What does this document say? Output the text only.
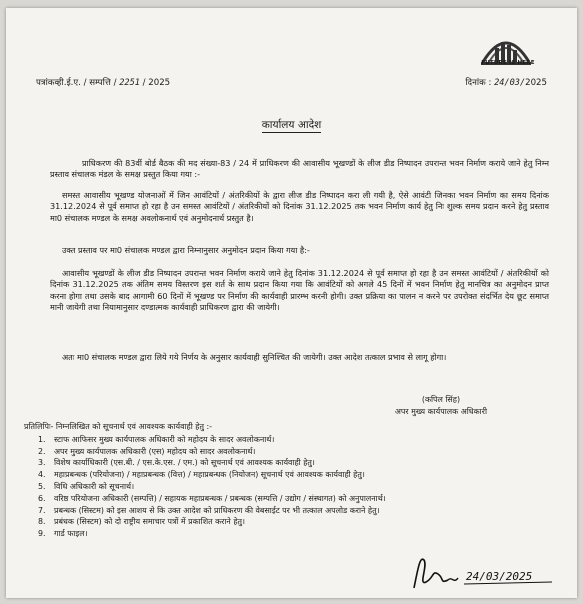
FUTURE IS HERE
पत्रांकव्ही.ई.ए. / सम्पत्ति / 2251 / 2025	दिनांक : 24/03/2025
कार्यालय आदेश
प्राधिकरण की 83वीं बोर्ड बैठक की मद संख्या-83 / 24 में प्राधिकरण की आवासीय भूखण्डों के लीज डीड निष्पादन उपरान्त भवन निर्माण कराये जाने हेतु निम्न प्रस्ताव संचालक मंडल के समक्ष प्रस्तुत किया गया :-
समस्त आवासीय भूखण्ड योजनाओं में जिन आवंटियों / अंतरिकीयों के द्वारा लीज डीड निष्पादन करा ली गयी है, ऐसे आवंटी जिनका भवन निर्माण का समय दिनांक 31.12.2024 से पूर्व समाप्त हो रहा है उन समस्त आवंटियों / अंतरिकीयों को दिनांक 31.12.2025 तक भवन निर्माण कार्य हेतु निः शुल्क समय प्रदान करने हेतु प्रस्ताव मा0 संचालक मण्डल के समक्ष अवलोकनार्थ एवं अनुमोदनार्थ प्रस्तुत है।
उक्त प्रस्ताव पर मा0 संचालक मण्डल द्वारा निम्नानुसार अनुमोदन प्रदान किया गया है:-
आवासीय भूखण्डों के लीज डीड निष्पादन उपरान्त भवन निर्माण कराये जाने हेतु दिनांक 31.12.2024 से पूर्व समाप्त हो रहा है उन समस्त आवंटियों / अंतरिकीयों को दिनांक 31.12.2025 तक अंतिम समय विस्तरण इस शर्त के साथ प्रदान किया गया कि आवंटियों को अगले 45 दिनों में भवन निर्माण हेतु मानचित्र का अनुमोदन प्राप्त करना होगा तथा उसके बाद आगामी 60 दिनों में भूखण्ड पर निर्माण की कार्यवाही प्रारम्भ करनी होगी। उक्त प्रक्रिया का पालन न करने पर उपरोक्त संदर्भित देय छूट समाप्त मानी जायेगी तथा नियामानुसार दण्डात्मक कार्यवाही प्राधिकरण द्वारा की जायेगी।
अतः मा0 संचालक मण्डल द्वारा लिये गये निर्णय के अनुसार कार्यवाही सुनिश्चित की जायेगी। उक्त आदेश तत्काल प्रभाव से लागू होगा।
(कपिल सिंह)
अपर मुख्य कार्यपालक अधिकारी
प्रतिलिपिः- निम्नलिखित को सूचनार्थ एवं आवश्यक कार्यवाही हेतु :-
1. स्टाफ आफिसर मुख्य कार्यपालक अधिकारी को महोदय के सादर अवलोकनार्थ।
2. अपर मुख्य कार्यपालक अधिकारी (एस) महोदय को सादर अवलोकनार्थ।
3. विशेष कार्याधिकारी (एस.बी. / एस.के.एस. / एम.) को सूचनार्थ एवं आवश्यक कार्यवाही हेतु।
4. महाप्रबन्धक (परियोजना) / महाप्रबन्धक (वित्त) / महाप्रबन्धक (नियोजन) सूचनार्थ एवं आवश्यक कार्यवाही हेतु।
5. विधि अधिकारी को सूचनार्थ।
6. वरिष्ठ परियोजना अधिकारी (सम्पत्ति) / सहायक महाप्रबन्धक / प्रबन्धक (सम्पत्ति / उद्योग / संस्थागत) को अनुपालनार्थ।
7. प्रबन्धक (सिस्टम) को इस आशय से कि उक्त आदेश को प्राधिकरण की वेबसाईट पर भी तत्काल अपलोड कराने हेतु।
8. प्रबंधक (सिस्टम) को दो राष्ट्रीय समाचार पत्रों में प्रकाशित कराने हेतु।
9. गार्ड फाइल।
24/03/2025
